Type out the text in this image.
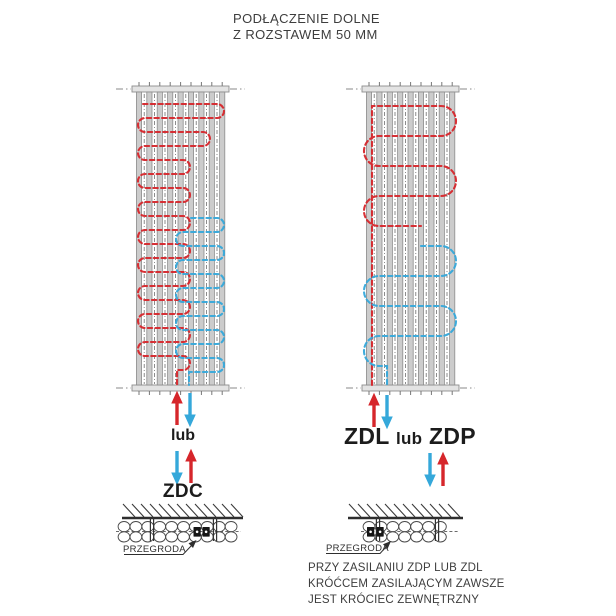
PODŁĄCZENIE DOLNE
Z ROZSTAWEM 50 MM
lub
ZDC
ZDL lub ZDP
PRZEGRODA	PRZEGRODA
PRZY ZASILANIU ZDP LUB ZDL
KRÓĆCEM ZASILAJĄCYM ZAWSZE
JEST KRÓCIEC ZEWNĘTRZNY
